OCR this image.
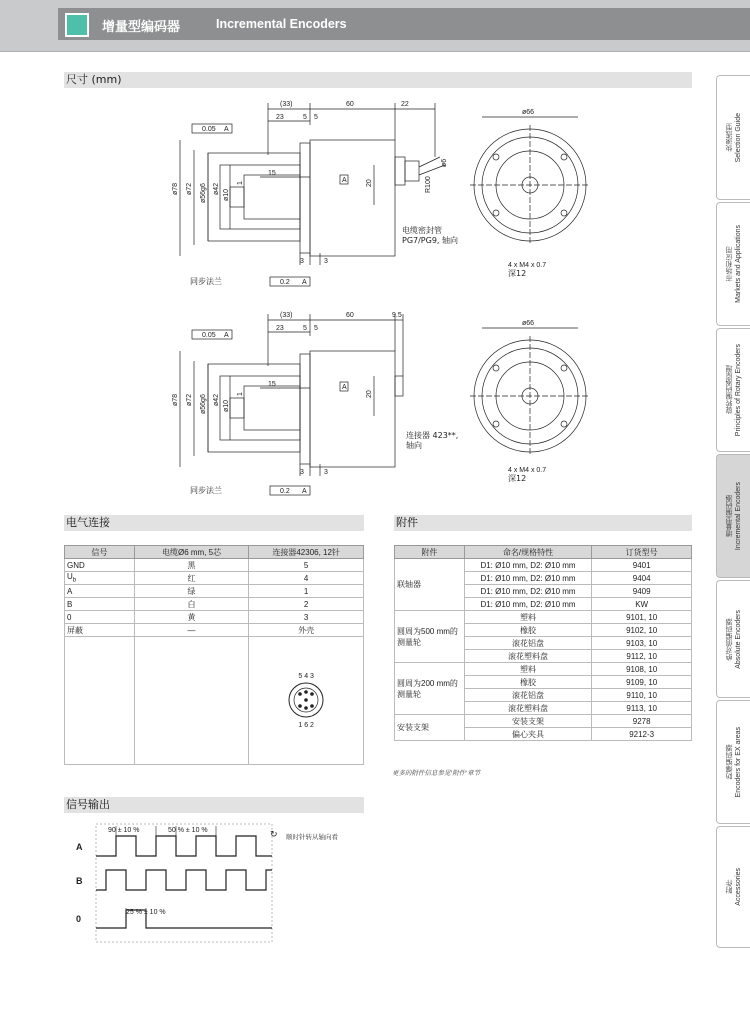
增量型编码器	Incremental Encoders
尺寸 (mm)
0.05 A
0.2 A
A
(33)	60	22
23	5 5
ø78 ø72 ø56g6 ø42 ø10
1
15
20	R100
ø6
3	3
同步法兰
电缆密封管
PG7/PG9, 轴向
ø66
4 x M4 x 0.7
深12
0.05 A
0.2 A
A
(33)	60	9.5
23	5 5
ø78 ø72 ø56g6 ø42 ø10
1
15
20
3	3
同步法兰
连接器 423**,
轴向
ø66
4 x M4 x 0.7
深12
电气连接
信号	电缆Ø6 mm, 5芯	连接器42306, 12针
GND	黑	5
$U_b$	红	4
A	绿	1
B	白	2
0	黄	3
屏蔽	—	外壳

		5 4 3
1 6 2
附件
附件	命名/规格特性	订货型号
联轴器	D1: Ø10 mm, D2: Ø10 mm	9401
	D1: Ø10 mm, D2: Ø10 mm	9404
	D1: Ø10 mm, D2: Ø10 mm	9409
	D1: Ø10 mm, D2: Ø10 mm	KW
圆周为500 mm的测量轮	塑料	9101, 10
	橡胶	9102, 10
	滚花铝盘	9103, 10
	滚花塑料盘	9112, 10
圆周为200 mm的测量轮	塑料	9108, 10
	橡胶	9109, 10
	滚花铝盘	9110, 10
	滚花塑料盘	9113, 10
安装支架	安装支架	9278
	偏心夹具	9212-3
更多的附件信息参见'附件'章节
信号输出
A
B
0
90 ± 10 %	50 % ± 10 %
25 % ± 10 %
↻ 顺时针转从轴向看
快速选型 Selection Guide
市场和应用 Markets and Applications
旋转编码器原理 Principles of Rotary Encoders
增量型编码器 Incremental Encoders
绝对值编码器 Absolute Encoders
防爆编码器 Encoders for EX areas
附件 Accessories
